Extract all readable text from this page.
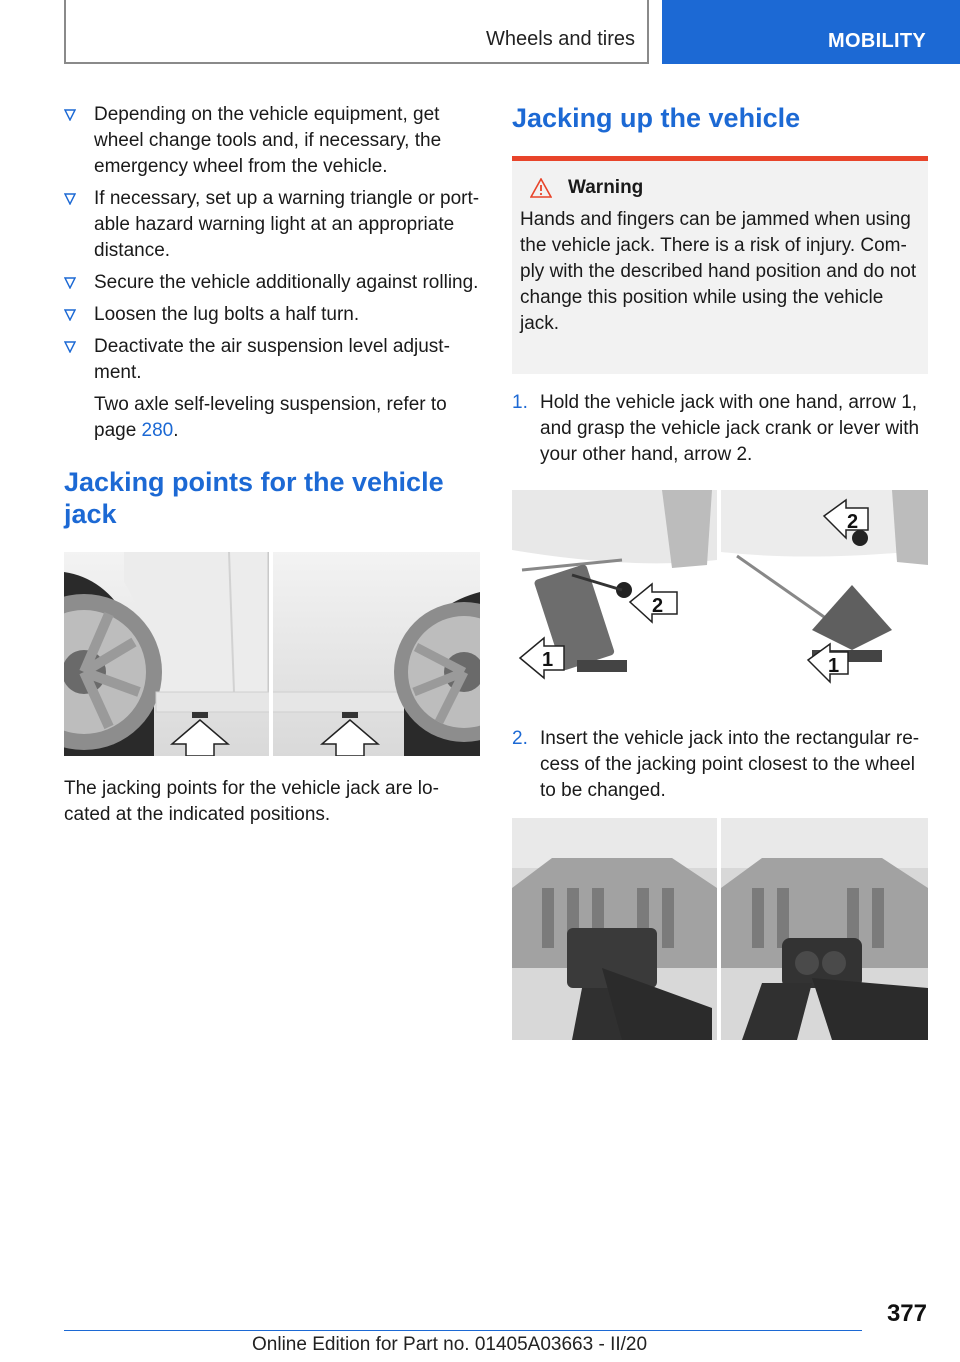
Wheels and tires	MOBILITY

Depending on the vehicle equipment, get wheel change tools and, if necessary, the emergency wheel from the vehicle.

If necessary, set up a warning triangle or port-able hazard warning light at an appropriate distance.

Secure the vehicle additionally against rolling.

Loosen the lug bolts a half turn.

Deactivate the air suspension level adjust-ment.

Two axle self-leveling suspension, refer to page 280.

Jacking points for the vehicle jack

The jacking points for the vehicle jack are lo-cated at the indicated positions.

Jacking up the vehicle
Warning

Hands and fingers can be jammed when using the vehicle jack. There is a risk of injury. Com-ply with the described hand position and do not change this position while using the vehicle jack.

1. Hold the vehicle jack with one hand, arrow 1, and grasp the vehicle jack crank or lever with your other hand, arrow 2.
2
1
2
1
2. Insert the vehicle jack into the rectangular re-cess of the jacking point closest to the wheel to be changed.
377
Online Edition for Part no. 01405A03663 - II/20
